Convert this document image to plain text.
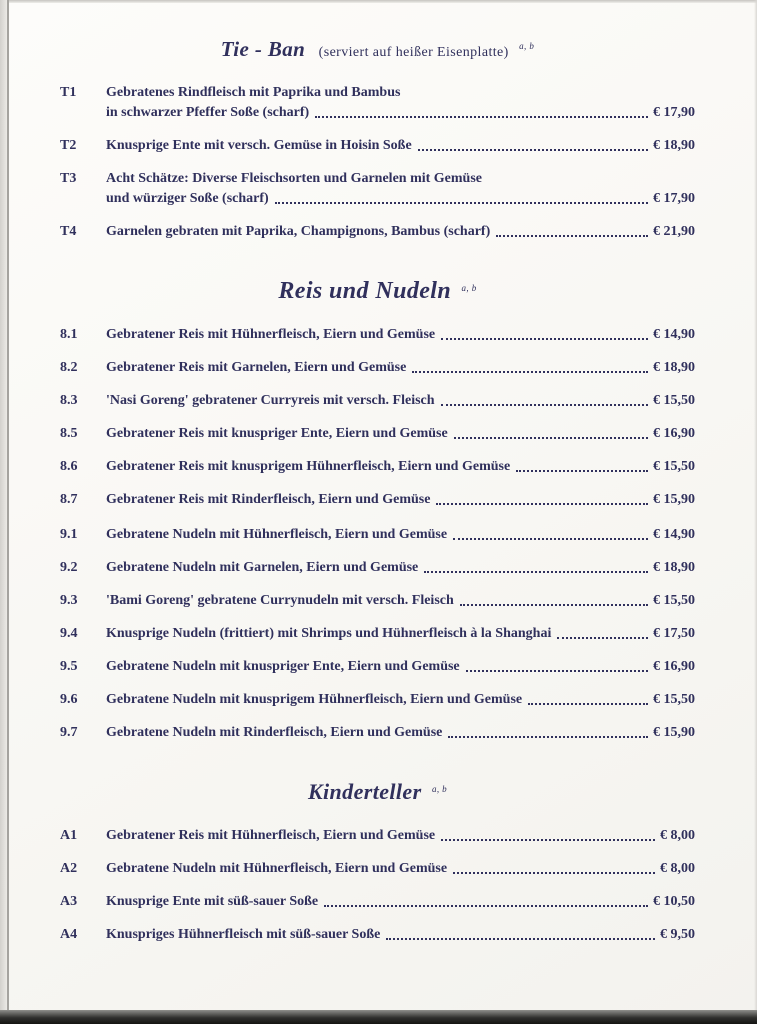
Tie - Ban (serviert auf heißer Eisenplatte) $^{a, b}$
T1	Gebratenes Rindfleisch mit Paprika und Bambus
in schwarzer Pfeffer Soße (scharf)	€ 17,90
T2	Knusprige Ente mit versch. Gemüse in Hoisin Soße	€ 18,90
T3	Acht Schätze: Diverse Fleischsorten und Garnelen mit Gemüse
und würziger Soße (scharf)	€ 17,90
T4	Garnelen gebraten mit Paprika, Champignons, Bambus (scharf)	€ 21,90
Reis und Nudeln $^{a, b}$
8.1	Gebratener Reis mit Hühnerfleisch, Eiern und Gemüse	€ 14,90
8.2	Gebratener Reis mit Garnelen, Eiern und Gemüse	€ 18,90
8.3	'Nasi Goreng' gebratener Curryreis mit versch. Fleisch	€ 15,50
8.5	Gebratener Reis mit knuspriger Ente, Eiern und Gemüse	€ 16,90
8.6	Gebratener Reis mit knusprigem Hühnerfleisch, Eiern und Gemüse	€ 15,50
8.7	Gebratener Reis mit Rinderfleisch, Eiern und Gemüse	€ 15,90
9.1	Gebratene Nudeln mit Hühnerfleisch, Eiern und Gemüse	€ 14,90
9.2	Gebratene Nudeln mit Garnelen, Eiern und Gemüse	€ 18,90
9.3	'Bami Goreng' gebratene Currynudeln mit versch. Fleisch	€ 15,50
9.4	Knusprige Nudeln (frittiert) mit Shrimps und Hühnerfleisch à la Shanghai	€ 17,50
9.5	Gebratene Nudeln mit knuspriger Ente, Eiern und Gemüse	€ 16,90
9.6	Gebratene Nudeln mit knusprigem Hühnerfleisch, Eiern und Gemüse	€ 15,50
9.7	Gebratene Nudeln mit Rinderfleisch, Eiern und Gemüse	€ 15,90
Kinderteller $^{a, b}$
A1	Gebratener Reis mit Hühnerfleisch, Eiern und Gemüse	€ 8,00
A2	Gebratene Nudeln mit Hühnerfleisch, Eiern und Gemüse	€ 8,00
A3	Knusprige Ente mit süß-sauer Soße	€ 10,50
A4	Knuspriges Hühnerfleisch mit süß-sauer Soße	€ 9,50
